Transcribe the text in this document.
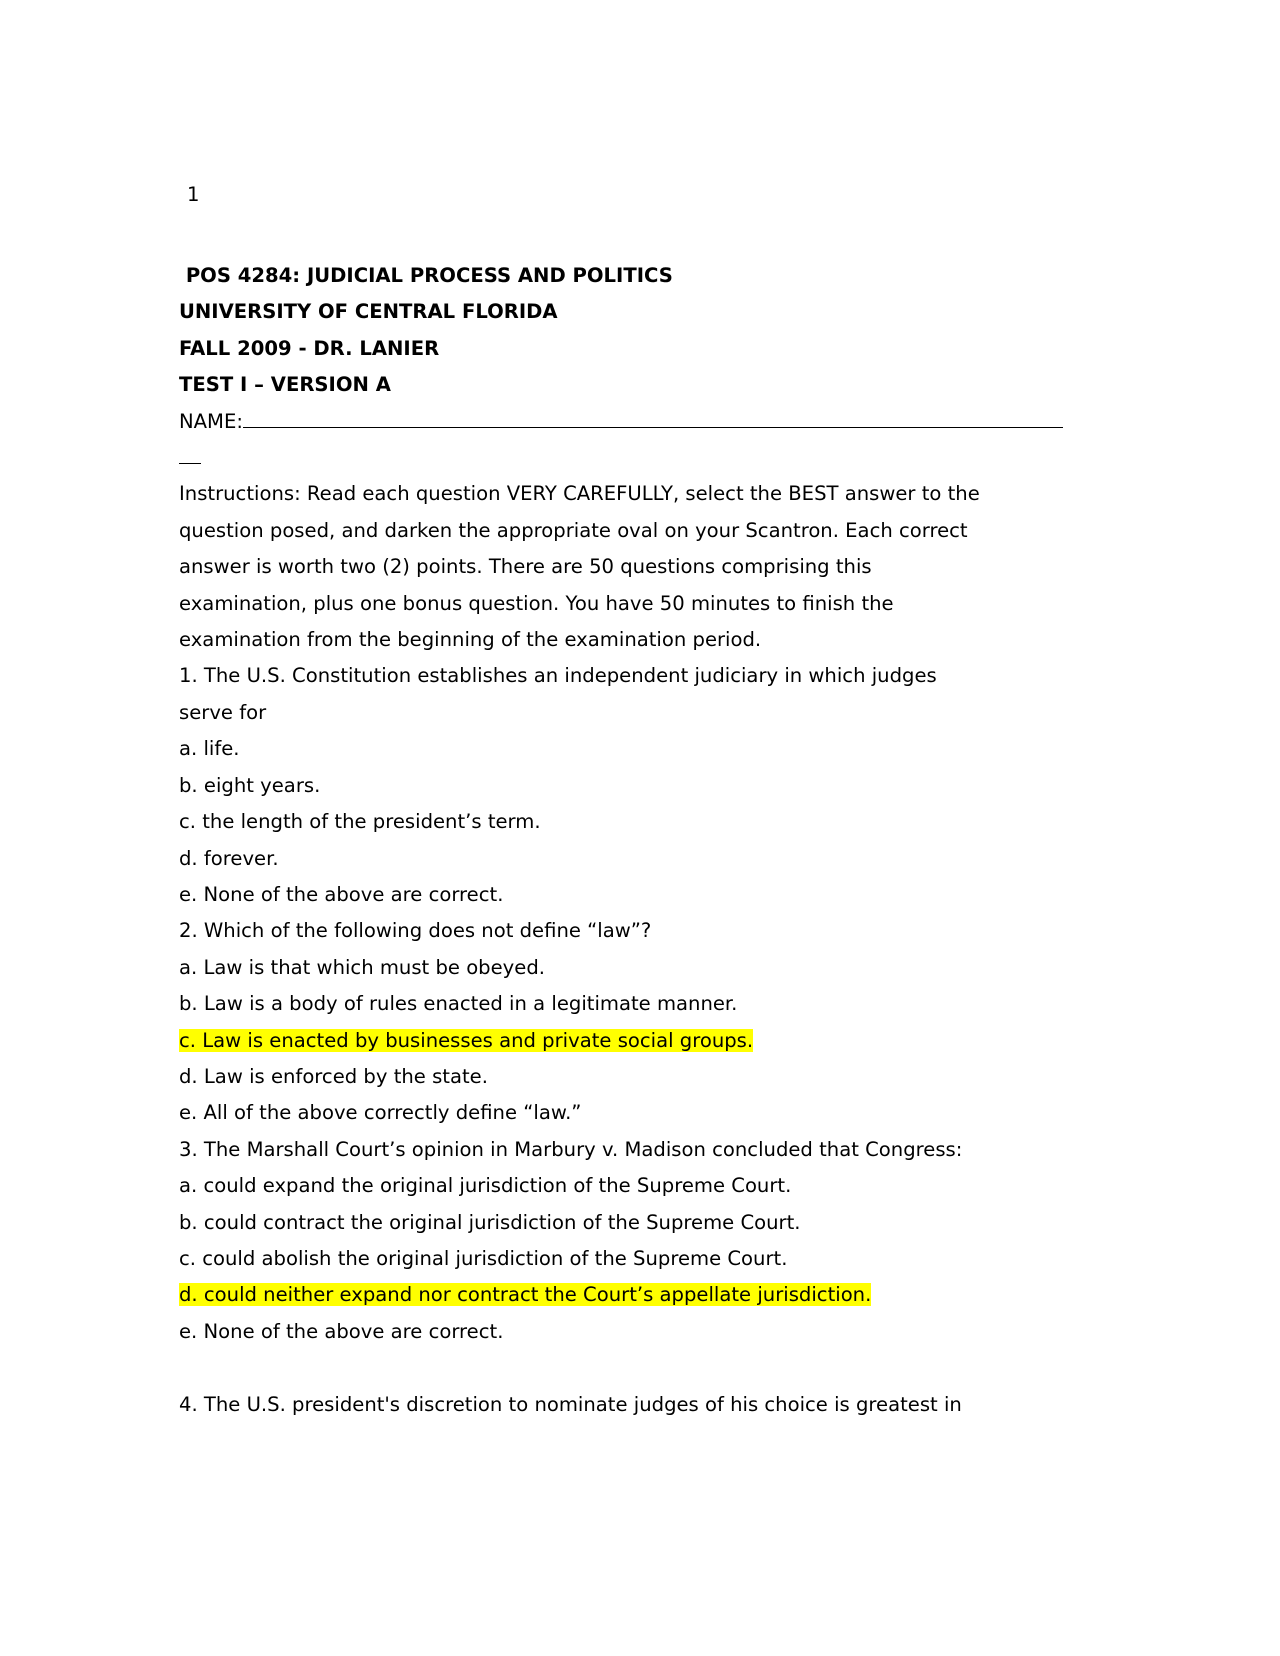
1
POS 4284: JUDICIAL PROCESS AND POLITICS
UNIVERSITY OF CENTRAL FLORIDA
FALL 2009 - DR. LANIER
TEST I – VERSION A
NAME:
Instructions: Read each question VERY CAREFULLY, select the BEST answer to the
question posed, and darken the appropriate oval on your Scantron. Each correct
answer is worth two (2) points. There are 50 questions comprising this
examination, plus one bonus question. You have 50 minutes to finish the
examination from the beginning of the examination period.
1. The U.S. Constitution establishes an independent judiciary in which judges
serve for
a. life.
b. eight years.
c. the length of the president’s term.
d. forever.
e. None of the above are correct.
2. Which of the following does not define “law”?
a. Law is that which must be obeyed.
b. Law is a body of rules enacted in a legitimate manner.
c. Law is enacted by businesses and private social groups.
d. Law is enforced by the state.
e. All of the above correctly define “law.”
3. The Marshall Court’s opinion in Marbury v. Madison concluded that Congress:
a. could expand the original jurisdiction of the Supreme Court.
b. could contract the original jurisdiction of the Supreme Court.
c. could abolish the original jurisdiction of the Supreme Court.
d. could neither expand nor contract the Court’s appellate jurisdiction.
e. None of the above are correct.

4. The U.S. president's discretion to nominate judges of his choice is greatest in
